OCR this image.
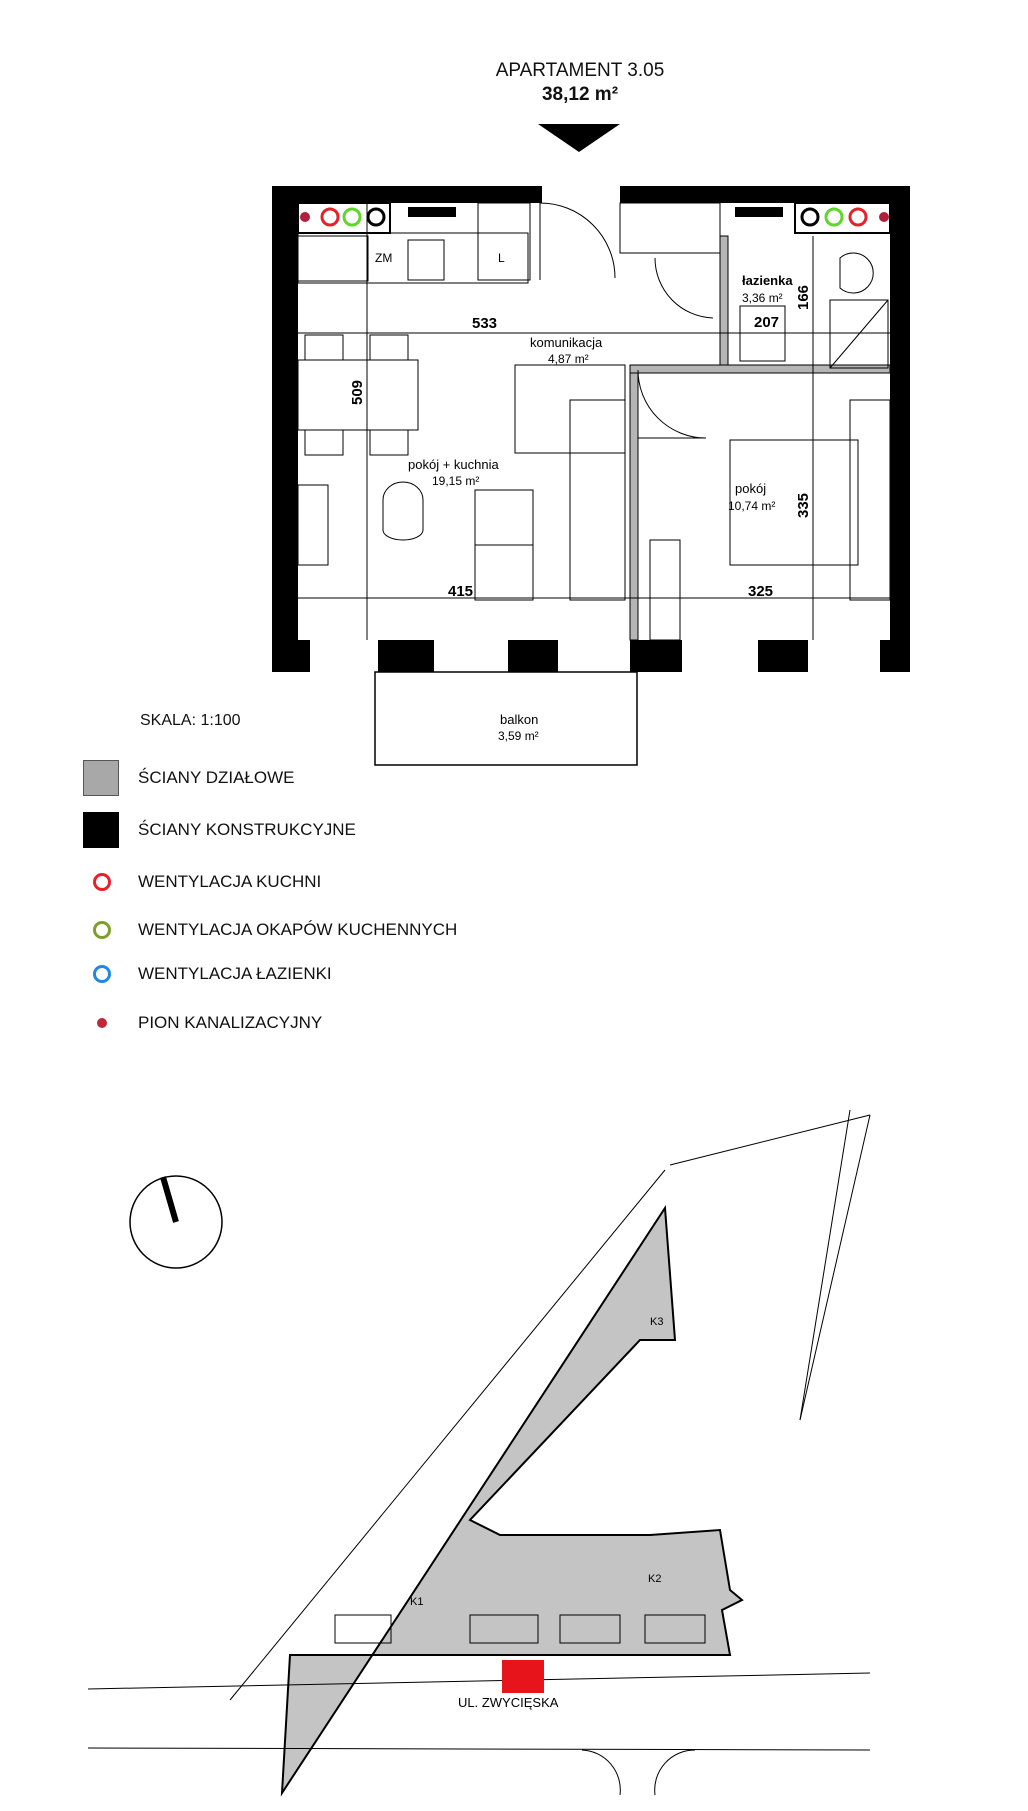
APARTAMENT 3.05
38,12 m²
łazienka
3,36 m²
komunikacja
4,87 m²
pokój + kuchnia
19,15 m²	pokój
10,74 m²
balkon
3,59 m²
ZM	L
533
509
415
207
166
325
335
K1
K2
K3
UL. ZWYCIĘSKA
SKALA: 1:100
ŚCIANY DZIAŁOWE
ŚCIANY KONSTRUKCYJNE
WENTYLACJA KUCHNI
WENTYLACJA OKAPÓW KUCHENNYCH
WENTYLACJA ŁAZIENKI
PION KANALIZACYJNY
